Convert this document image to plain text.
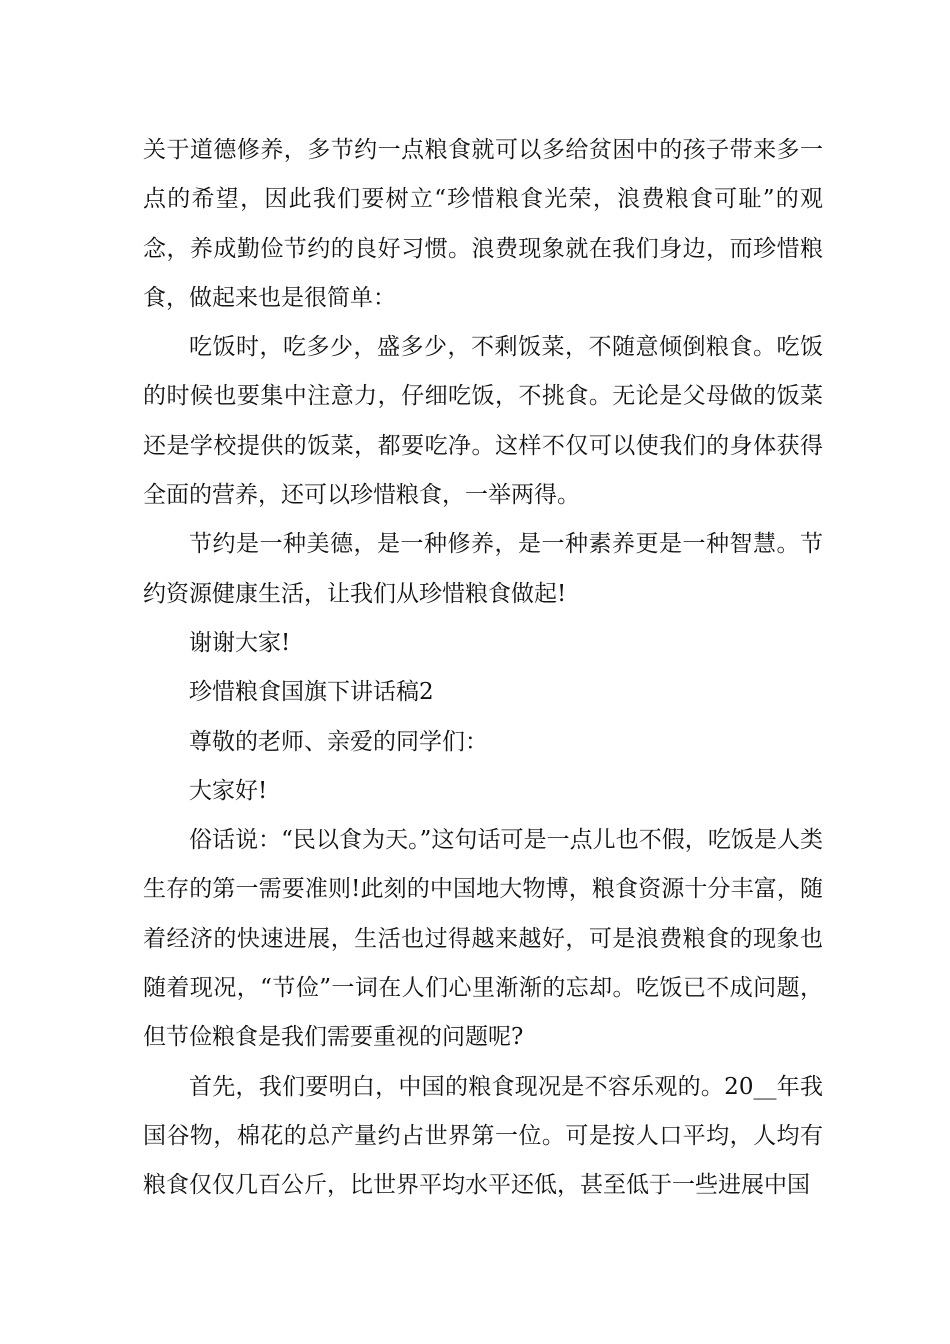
关于道德修养，多节约一点粮食就可以多给贫困中的孩子带来多一点的希望，因此我们要树立“珍惜粮食光荣，浪费粮食可耻”的观念，养成勤俭节约的良好习惯。浪费现象就在我们身边，而珍惜粮食，做起来也是很简单：

吃饭时，吃多少，盛多少，不剩饭菜，不随意倾倒粮食。吃饭的时候也要集中注意力，仔细吃饭，不挑食。无论是父母做的饭菜还是学校提供的饭菜，都要吃净。这样不仅可以使我们的身体获得全面的营养，还可以珍惜粮食，一举两得。

节约是一种美德，是一种修养，是一种素养更是一种智慧。节约资源健康生活，让我们从珍惜粮食做起!

谢谢大家!

珍惜粮食国旗下讲话稿2

尊敬的老师、亲爱的同学们：

大家好!

俗话说：“民以食为天。”这句话可是一点儿也不假，吃饭是人类生存的第一需要准则!此刻的中国地大物博，粮食资源十分丰富，随着经济的快速进展，生活也过得越来越好，可是浪费粮食的现象也随着现况，“节俭”一词在人们心里渐渐的忘却。吃饭已不成问题，但节俭粮食是我们需要重视的问题呢?

首先，我们要明白，中国的粮食现况是不容乐观的。20__年我国谷物，棉花的总产量约占世界第一位。可是按人口平均，人均有粮食仅仅几百公斤，比世界平均水平还低，甚至低于一些进展中国
